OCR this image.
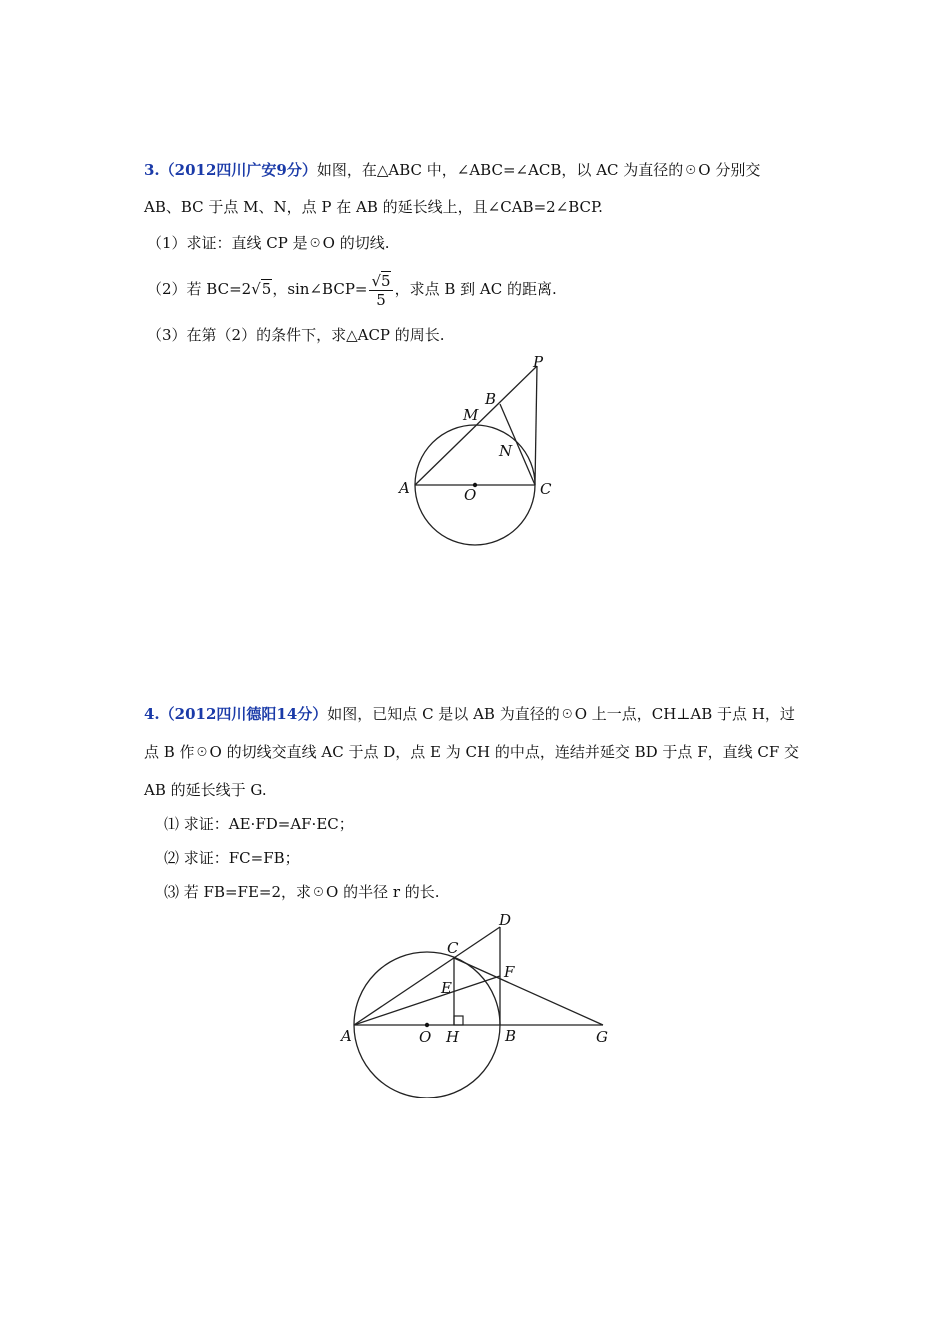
3.（2012四川广安9分）如图，在△ABC 中，∠ABC=∠ACB，以 AC 为直径的☉O 分别交
AB、BC 于点 M、N，点 P 在 AB 的延长线上，且∠CAB=2∠BCP.
（1）求证：直线 CP 是☉O 的切线.
（2）若 BC=2√5，sin∠BCP= $\frac{√5}{5}$ ，求点 B 到 AC 的距离.
（3）在第（2）的条件下，求△ACP 的周长.
P
B
M
N
A	O	C
4.（2012四川德阳14分）如图，已知点 C 是以 AB 为直径的☉O 上一点，CH⊥AB 于点 H，过
点 B 作☉O 的切线交直线 AC 于点 D，点 E 为 CH 的中点，连结并延交 BD 于点 F，直线 CF 交
AB 的延长线于 G.
⑴ 求证：AE·FD=AF·EC；
⑵ 求证：FC=FB；
⑶ 若 FB=FE=2，求☉O 的半径 r 的长.
D
C
F
E
A	O H	B	G
